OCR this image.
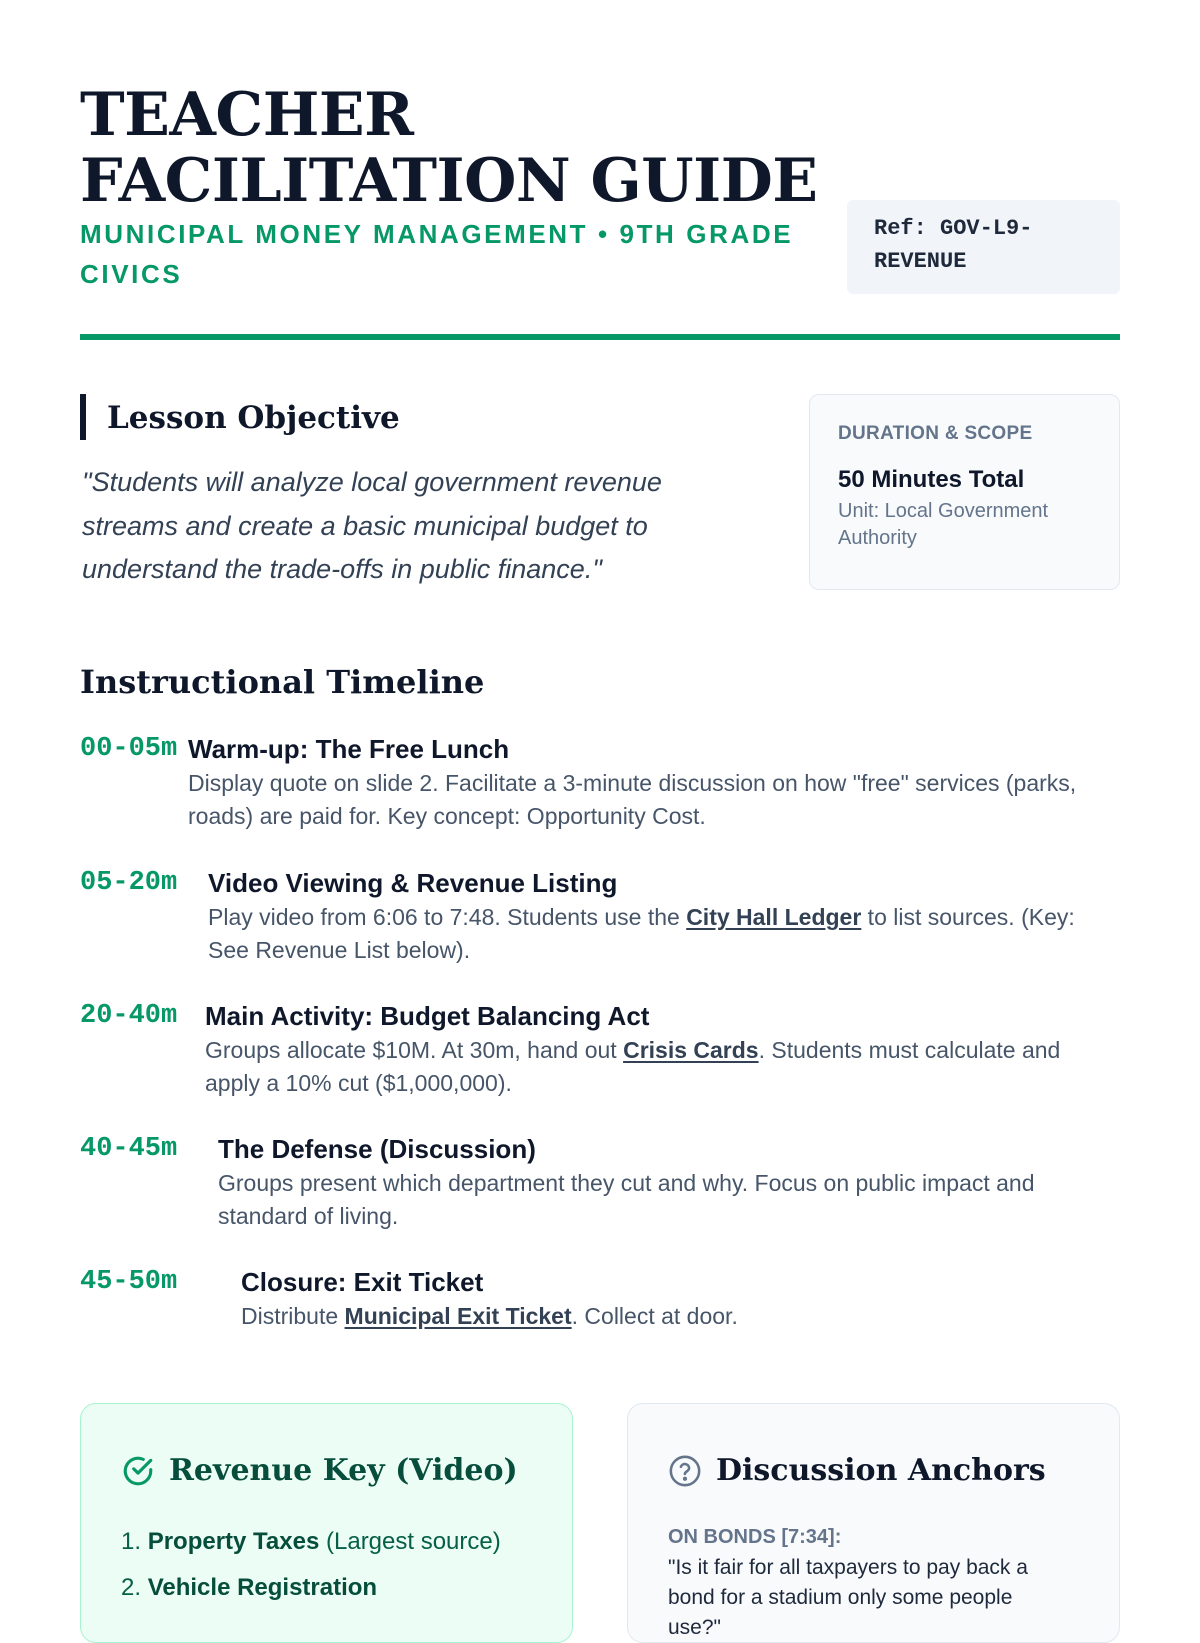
TEACHER FACILITATION GUIDE
MUNICIPAL MONEY MANAGEMENT • 9TH GRADE CIVICS
Ref: GOV-L9-REVENUE
Lesson Objective

"Students will analyze local government revenue streams and create a basic municipal budget to understand the trade-offs in public finance."

DURATION & SCOPE
50 Minutes Total
Unit: Local Government Authority
Instructional Timeline
00-05m Warm-up: The Free Lunch
Display quote on slide 2. Facilitate a 3-minute discussion on how "free" services (parks, roads) are paid for. Key concept: Opportunity Cost.
05-20m	Video Viewing & Revenue Listing
Play video from 6:06 to 7:48. Students use the City Hall Ledger to list sources. (Key: See Revenue List below).
20-40m	Main Activity: Budget Balancing Act
Groups allocate $10M. At 30m, hand out Crisis Cards. Students must calculate and apply a 10% cut ($1,000,000).
40-45m	The Defense (Discussion)
Groups present which department they cut and why. Focus on public impact and standard of living.
45-50m	Closure: Exit Ticket
Distribute Municipal Exit Ticket. Collect at door.
Revenue Key (Video)
1. Property Taxes (Largest source)
2. Vehicle Registration
Discussion Anchors
ON BONDS [7:34]:
"Is it fair for all taxpayers to pay back a bond for a stadium only some people use?"
